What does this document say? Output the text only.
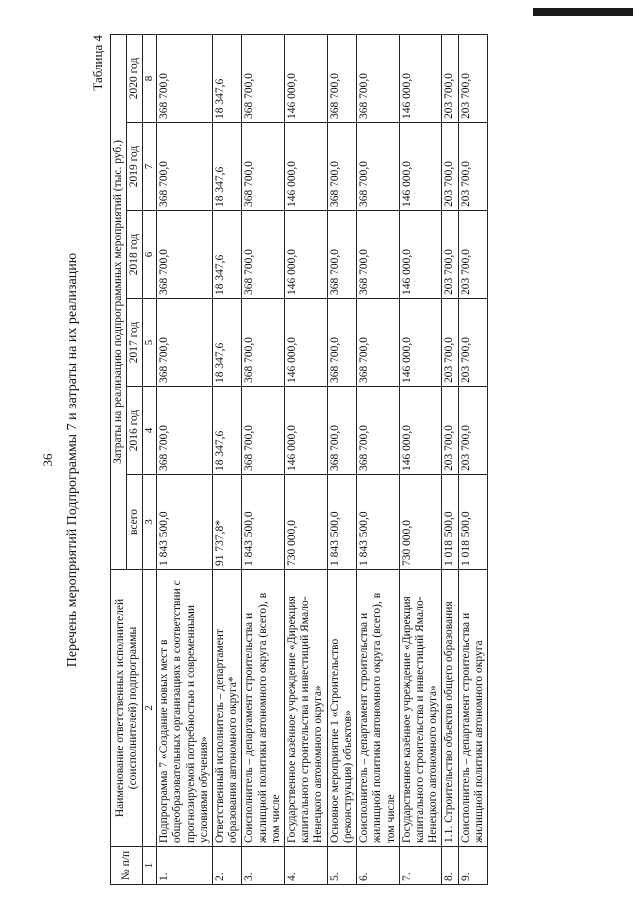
36 Перечень мероприятий Подпрограммы 7 и затраты на их реализацию
Таблица 4
№ п/п	Наименование ответственных исполнителей (соисполнителей) подпрограммы	Затраты на реализацию подпрограммных мероприятий (тыс. руб.)					
		всего	2016 год	2017 год	2018 год	2019 год	2020 год
1	2	3	4	5	6	7	8
1.	Подпрограмма 7 «Создание новых мест в общеобразовательных организациях в соответствии с прогнозируемой потребностью и современными условиями обучения»	1 843 500,0	368 700,0	368 700,0	368 700,0	368 700,0	368 700,0
2.	Ответственный исполнитель – департамент образования автономного округа*	91 737,8*	18 347,6	18 347,6	18 347,6	18 347,6	18 347,6
3.	Соисполнитель – департамент строительства и жилищной политики автономного округа (всего), в том числе	1 843 500,0	368 700,0	368 700,0	368 700,0	368 700,0	368 700,0
4.	Государственное казённое учреждение «Дирекция капитального строительства и инвестиций Ямало-Ненецкого автономного округа»	730 000,0	146 000,0	146 000,0	146 000,0	146 000,0	146 000,0
5.	Основное мероприятие 1 «Строительство (реконструкция) объектов»	1 843 500,0	368 700,0	368 700,0	368 700,0	368 700,0	368 700,0
6.	Соисполнитель – департамент строительства и жилищной политики автономного округа (всего), в том числе	1 843 500,0	368 700,0	368 700,0	368 700,0	368 700,0	368 700,0
7.	Государственное казённое учреждение «Дирекция капитального строительства и инвестиций Ямало-Ненецкого автономного округа»	730 000,0	146 000,0	146 000,0	146 000,0	146 000,0	146 000,0
8.	1.1. Строительство объектов общего образования	1 018 500,0	203 700,0	203 700,0	203 700,0	203 700,0	203 700,0
9.	Соисполнитель – департамент строительства и жилищной политики автономного округа	1 018 500,0	203 700,0	203 700,0	203 700,0	203 700,0	203 700,0
